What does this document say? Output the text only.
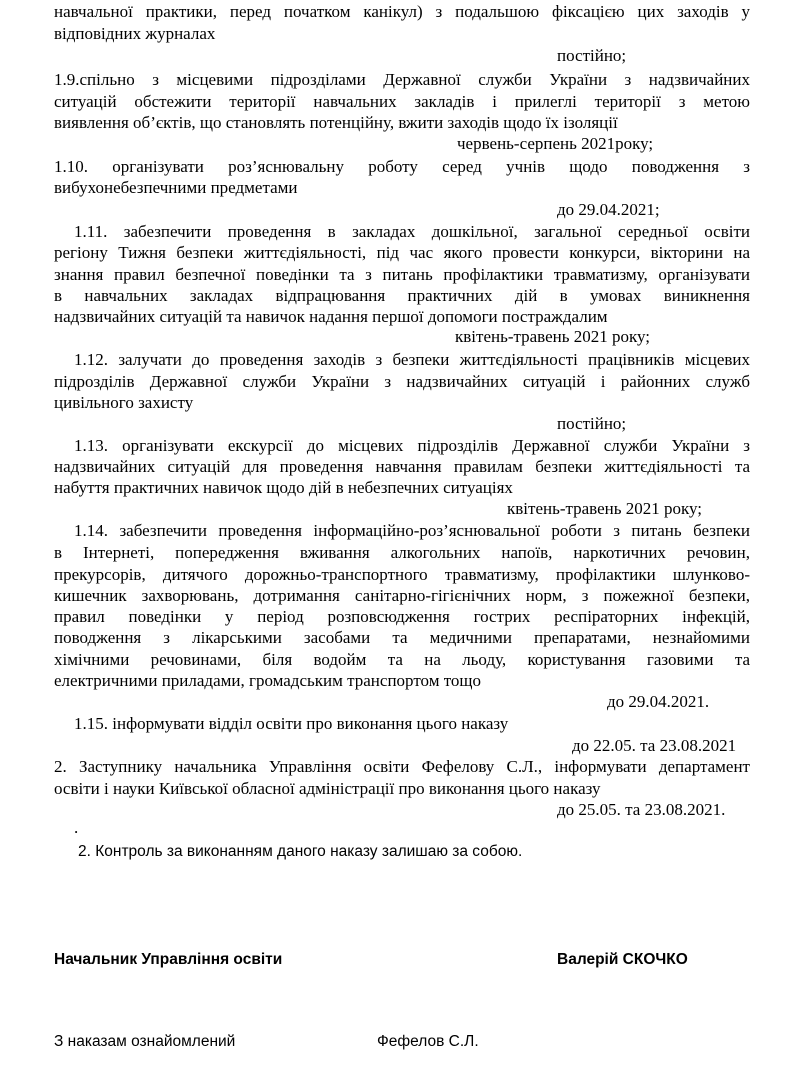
навчальної практики, перед початком канікул) з подальшою фіксацією цих заходів у
відповідних журналах
постійно;
1.9.спільно з місцевими підрозділами Державної служби України з надзвичайних
ситуацій обстежити території навчальних закладів і прилеглі території з метою
виявлення об’єктів, що становлять потенційну, вжити заходів щодо їх ізоляції
червень-серпень 2021року;
1.10. організувати роз’яснювальну роботу серед учнів щодо поводження з
вибухонебезпечними предметами
до 29.04.2021;
1.11. забезпечити проведення в закладах дошкільної, загальної середньої освіти
регіону Тижня безпеки життєдіяльності, під час якого провести конкурси, вікторини на
знання правил безпечної поведінки та з питань профілактики травматизму, організувати
в навчальних закладах відпрацювання практичних дій в умовах виникнення
надзвичайних ситуацій та навичок надання першої допомоги постраждалим
квітень-травень 2021 року;
1.12. залучати до проведення заходів з безпеки життєдіяльності працівників місцевих
підрозділів Державної служби України з надзвичайних ситуацій і районних служб
цивільного захисту
постійно;
1.13. організувати екскурсії до місцевих підрозділів Державної служби України з
надзвичайних ситуацій для проведення навчання правилам безпеки життєдіяльності та
набуття практичних навичок щодо дій в небезпечних ситуаціях
квітень-травень 2021 року;
1.14. забезпечити проведення інформаційно-роз’яснювальної роботи з питань безпеки
в Інтернеті, попередження вживання алкогольних напоїв, наркотичних речовин,
прекурсорів, дитячого дорожньо-транспортного травматизму, профілактики шлунково-
кишечник захворювань, дотримання санітарно-гігієнічних норм, з пожежної безпеки,
правил поведінки у період розповсюдження гострих респіраторних інфекцій,
поводження з лікарськими засобами та медичними препаратами, незнайомими
хімічними речовинами, біля водойм та на льоду, користування газовими та
електричними приладами, громадським транспортом тощо
до 29.04.2021.
1.15. інформувати відділ освіти про виконання цього наказу
до 22.05. та 23.08.2021
2. Заступнику начальника Управління освіти Фефелову С.Л., інформувати департамент
освіти і науки Київської обласної адміністрації про виконання цього наказу
до 25.05. та 23.08.2021.
.
2. Контроль за виконанням даного наказу залишаю за собою.
Начальник Управління освіти	Валерій СКОЧКО
З наказам ознайомлений	Фефелов С.Л.
